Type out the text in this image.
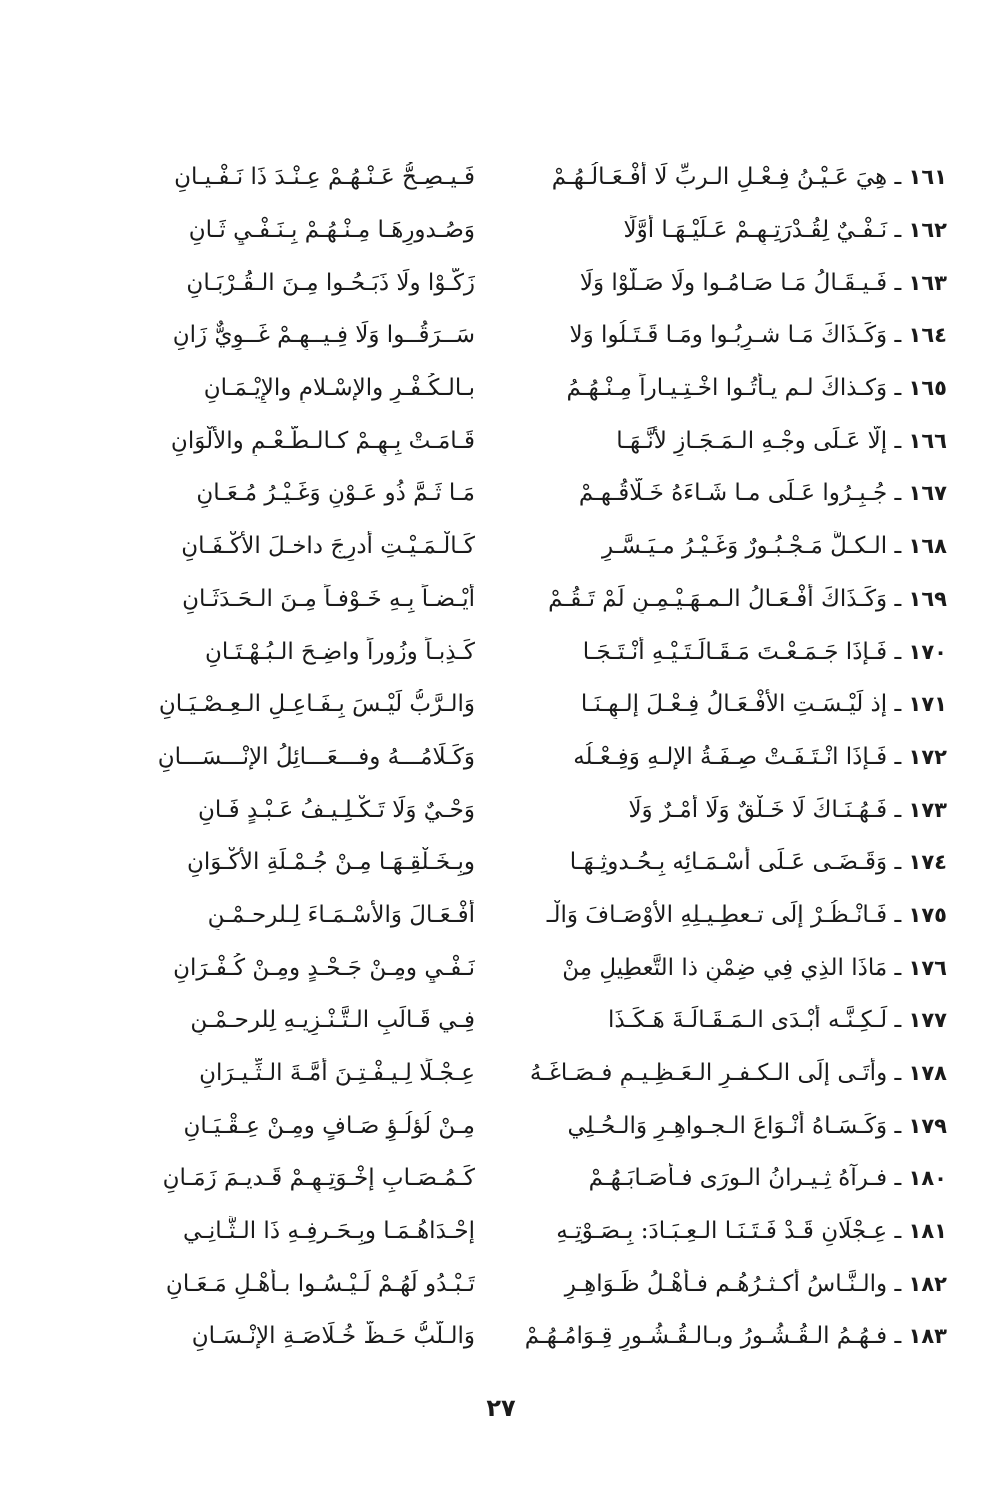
١٦١ ـ هِيَ عَـيْـنُ فِـعْـلِ الـربِّ لَا أَفْـعَـالُـهُـمْ
فَـيـصِـحُّ عَـنْـهُـمْ عِـنْـدَ ذَا نَـفْـيـانِ
١٦٢ ـ نَـفْـيٌ لِقُـدْرَتِـهِـمْ عَـلَيْـهَـا أوَّلًا
وَصُـدورِهَـا مِـنْـهُـمْ بِـنَـفْـيٍ ثَـانِ
١٦٣ ـ فَـيـقَـالُ مَـا صَـامُـوا ولَا صَـلَّوْا وَلَا
زَكَّـوْا ولَا ذَبَـحُـوا مِـنَ الـقُـرْبَـانِ
١٦٤ ـ وَكَـذَاكَ مَـا شـرِبُـوا ومَـا قَـتَـلُوا وَلا
سَــرَقُــوا وَلَا فِـيــهِـمْ غَــوِيٌّ زَانِ
١٦٥ ـ وَكـذاكَ لـم يـأْتُـوا اخْـتِـيـاراً مِـنْـهُـمُ
بـالـكُـفْـرِ والإسْـلامِ والإِيْـمَـانِ
١٦٦ ـ إلَّا عَـلَى وجْـهِ الـمَـجَـازِ لأنَّـهَـا
قَـامَـتْ بِـهِـمْ كـالـطَّـعْـمِ والأَلْوَانِ
١٦٧ ـ جُـبِـرُوا عَـلَى مـا شَـاءَهُ خَـلَّاقُـهـمْ
مَـا ثَـمَّ ذُو عَـوْنٍ وَغَـيْـرُ مُـعَـانِ
١٦٨ ـ الـكـلُّ مَـجْـبُـورٌ وَغَـيْـرُ مـيَـسَّـرٍ
كَـالْـمَـيْـتِ أُدرِجَ داخـلَ الأكْـفَـانِ
١٦٩ ـ وَكَـذَاكَ أفْـعَـالُ الـمـهَـيْـمِـنِ لَمْ تَـقُـمْ
أيْـضـاً بِـهِ خَـوْفـاً مِـنَ الـحَـدَثَـانِ
١٧٠ ـ فَـإذَا جَـمَـعْـتَ مَـقَـالَـتَـيْـهِ أنْـتَـجَـا
كَـذِبـاً وزُوراً واضِـحَ الـبُـهْـتَـانِ
١٧١ ـ إذ لَيْـسَـتِ الأَفْـعَـالُ فِـعْـلَ إلـهِـنَـا
وَالـرَّبُّ لَيْـسَ بِـفَـاعِـلِ الـعِـصْـيَـانِ
١٧٢ ـ فَـإذَا انْـتَـفَـتْ صِـفَـةُ الإلـهِ وَفِـعْـلُه
وَكَـلَامُـــهُ وفـــعَـــائِلُ الإنْـــسَـــانِ
١٧٣ ـ فَـهُـنَـاكَ لَا خَـلْقٌ وَلَا أمْـرٌ وَلَا
وَحْـيٌ وَلَا تَـكْـلِـيـفُ عَـبْـدٍ فَـانِ
١٧٤ ـ وَقَـضَـى عَـلَى أسْـمَـائِه بِـحُـدوثِـهَـا
وبِـخَـلْقِـهَـا مِـنْ جُـمْـلَةِ الأَكْـوَانِ
١٧٥ ـ فَـانْـظُـرْ إلَى تـعطِـيـلِهِ الأوْصَـافَ وَالْـ
أفْـعَـالَ وَالأَسْـمَـاءَ لِـلرحـمْـنِ
١٧٦ ـ مَاذَا الذِي فِي ضِمْنِ ذا التَّعطِيلِ مِنْ
نَـفْـيٍ ومِـنْ جَـحْـدٍ ومِـنْ كُـفْـرَانِ
١٧٧ ـ لَـكِـنَّـه أبْـدَى الـمَـقَـالَـةَ هَـكَـذَا
فِـي قَـالَبِ الـتَّـنْـزِيـهِ لِلرحـمْـنِ
١٧٨ ـ وأتَـى إلَى الـكـفـرِ الـعَـظِـيـمِ فـصَـاغَـهُ
عِـجْـلًا لِـيـفْـتِـنَ أُمَّـةَ الـثِّـيـرَانِ
١٧٩ ـ وَكَـسَـاهُ أنْـوَاعَ الـجـواهِـرِ وَالـحُـلِي
مِـنْ لُؤلُـؤٍ صَـافٍ ومِـنْ عِـقْـيَـانِ
١٨٠ ـ فـرآهُ ثِـيـرانُ الـورَى فـأصَـابَـهُـمْ
كَـمُـصَـابِ إخْـوَتِـهِـمْ قَـديـمَ زَمَـانِ
١٨١ ـ عِـجْلَانِ قَـدْ فَـتَـنَـا الـعِـبَـادَ: بِـصَـوْتِـهِ
إحْـدَاهُـمَـا وبِـحَـرفِـهِ ذَا الـثَّـانِـي
١٨٢ ـ والـنَّـاسُ أكـثـرُهُـم فـأهْـلُ ظَـوَاهِـرٍ
تَـبْـدُو لَهُـمْ لَـيْـسُـوا بـأهْـلِ مَـعَـانِ
١٨٣ ـ فـهُـمُ الـقُـشُـورُ وبـالـقُـشُـورِ قِـوَامُـهُـمْ
وَالـلُّبُّ حَـظُّ خُـلَاصَـةِ الإنْـسَـانِ
٢٧
